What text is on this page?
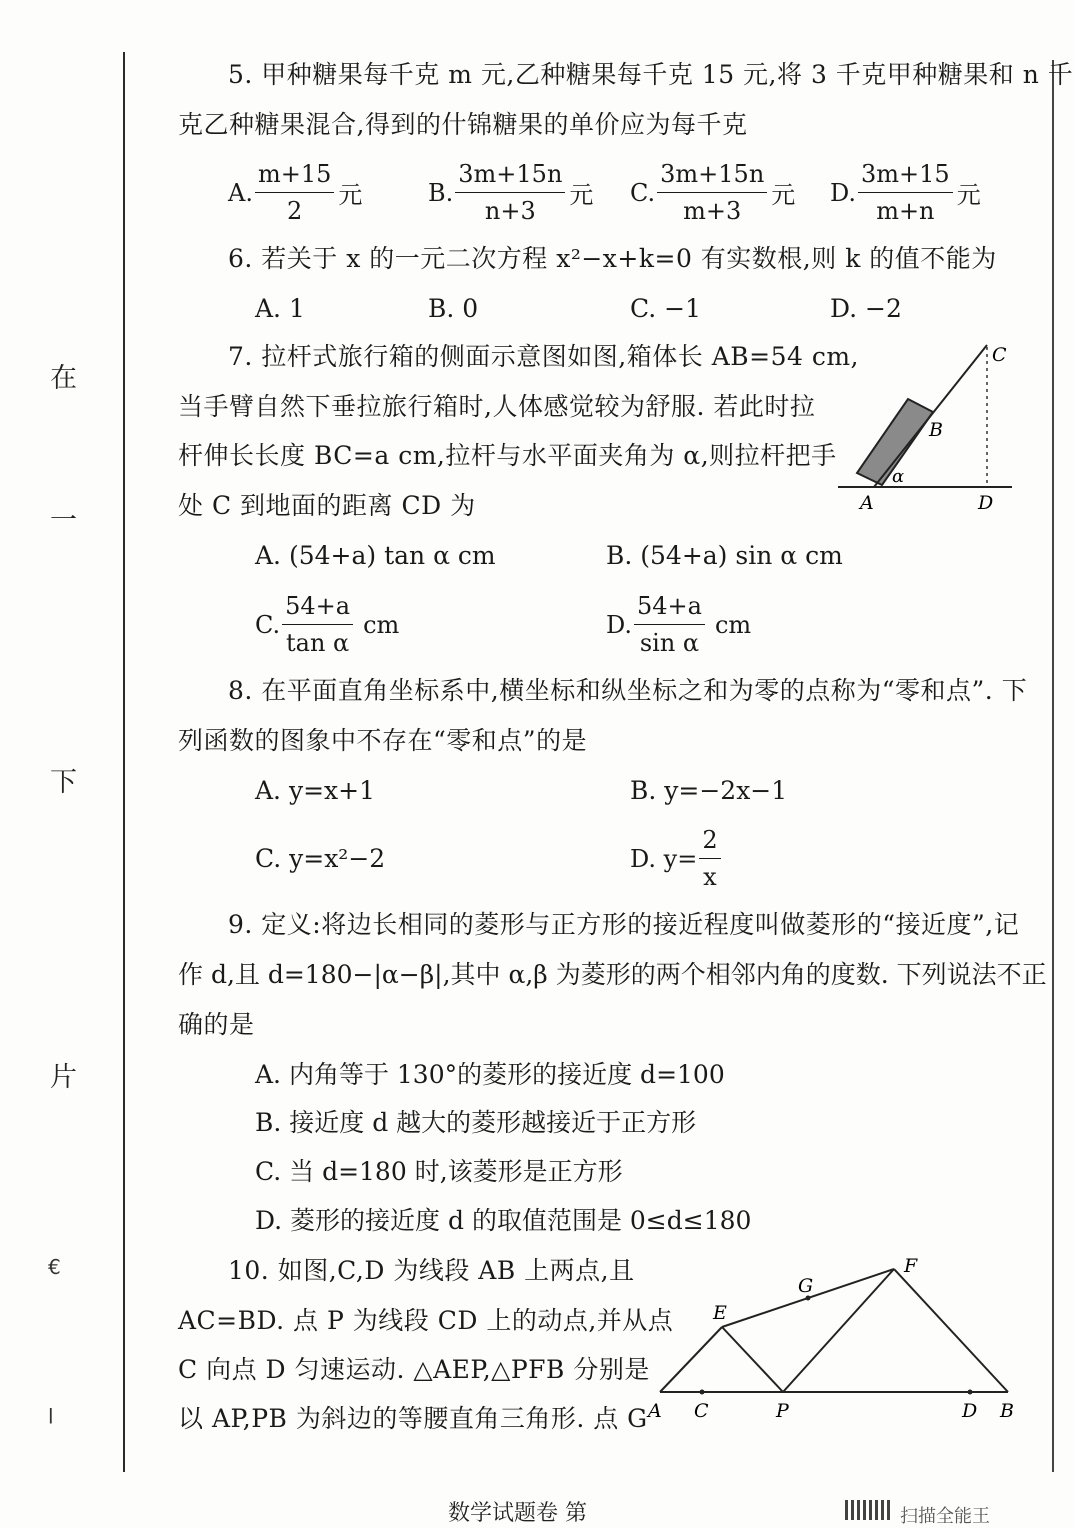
在
一
下
片
€
ꞁ
5. 甲种糖果每千克 m 元,乙种糖果每千克 15 元,将 3 千克甲种糖果和 n 千
克乙种糖果混合,得到的什锦糖果的单价应为每千克
A. $\frac{m+15}{2}$ 元	B. $\frac{3m+15n}{n+3}$ 元 C. $\frac{3m+15n}{m+3}$ 元 D. $\frac{3m+15}{m+n}$ 元
6. 若关于 x 的一元二次方程 x²−x+k=0 有实数根,则 k 的值不能为
A. 1	B. 0	C. −1	D. −2
7. 拉杆式旅行箱的侧面示意图如图,箱体长 AB=54 cm,
当手臂自然下垂拉旅行箱时,人体感觉较为舒服. 若此时拉
杆伸长长度 BC=a cm,拉杆与水平面夹角为 α,则拉杆把手
处 C 到地面的距离 CD 为
C
B
α
A	D
A. (54+a) tan α cm	B. (54+a) sin α cm
C. $\frac{54+a}{\text{tan α}}$ cm	D. $\frac{54+a}{\text{sin α}}$ cm
8. 在平面直角坐标系中,横坐标和纵坐标之和为零的点称为“零和点”. 下
列函数的图象中不存在“零和点”的是
A. y=x+1	B. y=−2x−1
C. y=x²−2	D. $y= \frac{2}{x}$
9. 定义:将边长相同的菱形与正方形的接近程度叫做菱形的“接近度”,记
作 d,且 d=180−|α−β|,其中 α,β 为菱形的两个相邻内角的度数. 下列说法不正
确的是
A. 内角等于 130°的菱形的接近度 d=100
B. 接近度 d 越大的菱形越接近于正方形
C. 当 d=180 时,该菱形是正方形
D. 菱形的接近度 d 的取值范围是 0≤d≤180
10. 如图,C,D 为线段 AB 上两点,且
AC=BD. 点 P 为线段 CD 上的动点,并从点
C 向点 D 匀速运动. △AEP,△PFB 分别是
以 AP,PB 为斜边的等腰直角三角形. 点 G A C	P	D B
E
F
G
数学试题卷 第	扫描全能王
